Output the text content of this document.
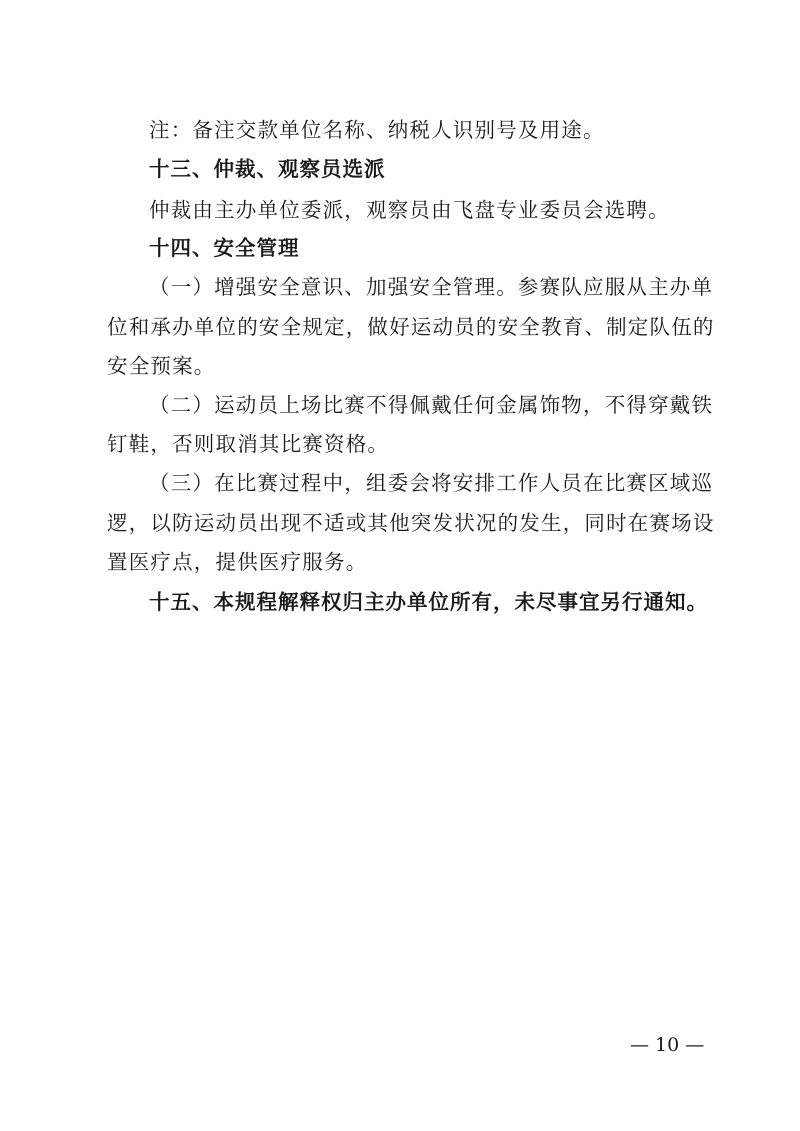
注：备注交款单位名称、纳税人识别号及用途。
十三、仲裁、观察员选派
仲裁由主办单位委派，观察员由飞盘专业委员会选聘。
十四、安全管理
（一）增强安全意识、加强安全管理。参赛队应服从主办单
位和承办单位的安全规定，做好运动员的安全教育、制定队伍的
安全预案。
（二）运动员上场比赛不得佩戴任何金属饰物，不得穿戴铁
钉鞋，否则取消其比赛资格。
（三）在比赛过程中，组委会将安排工作人员在比赛区域巡
逻，以防运动员出现不适或其他突发状况的发生，同时在赛场设
置医疗点，提供医疗服务。
十五、本规程解释权归主办单位所有，未尽事宜另行通知。
— 10 —
